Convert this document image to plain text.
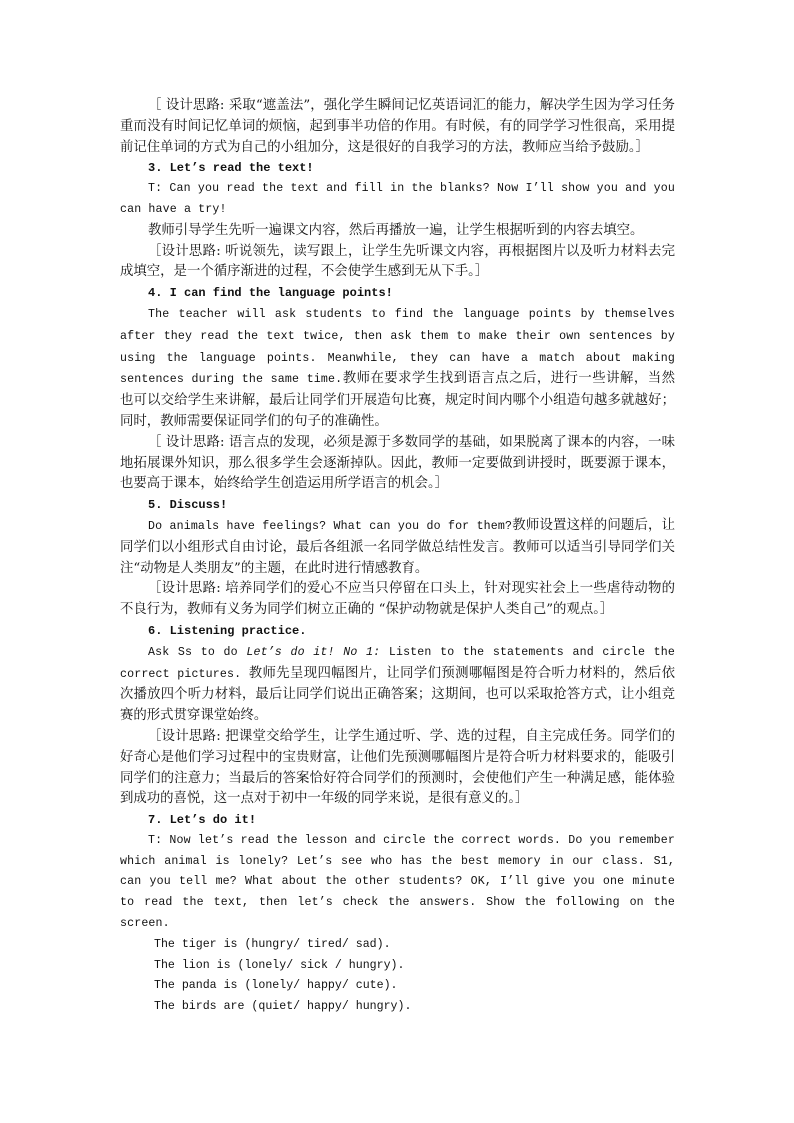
［ 设计思路: 采取“遮盖法”，强化学生瞬间记忆英语词汇的能力，解决学生因为学习任务重而没有时间记忆单词的烦恼，起到事半功倍的作用。有时候，有的同学学习性很高，采用提前记住单词的方式为自己的小组加分，这是很好的自我学习的方法，教师应当给予鼓励。］

3. Let’s read the text!

T: Can you read the text and fill in the blanks? Now I’ll show you and you can have a try!

教师引导学生先听一遍课文内容，然后再播放一遍，让学生根据听到的内容去填空。

［设计思路: 听说领先，读写跟上，让学生先听课文内容，再根据图片以及听力材料去完成填空，是一个循序渐进的过程，不会使学生感到无从下手。］

4. I can find the language points!

The teacher will ask students to find the language points by themselves after they read the text twice, then ask them to make their own sentences by using the language points. Meanwhile, they can have a match about making sentences during the same time.教师在要求学生找到语言点之后，进行一些讲解，当然也可以交给学生来讲解，最后让同学们开展造句比赛，规定时间内哪个小组造句越多就越好；同时，教师需要保证同学们的句子的准确性。

［ 设计思路: 语言点的发现，必须是源于多数同学的基础，如果脱离了课本的内容，一味地拓展课外知识，那么很多学生会逐渐掉队。因此，教师一定要做到讲授时，既要源于课本，也要高于课本，始终给学生创造运用所学语言的机会。］

5. Discuss!

Do animals have feelings? What can you do for them?教师设置这样的问题后，让同学们以小组形式自由讨论，最后各组派一名同学做总结性发言。教师可以适当引导同学们关注“动物是人类朋友”的主题，在此时进行情感教育。

［设计思路: 培养同学们的爱心不应当只停留在口头上，针对现实社会上一些虐待动物的不良行为，教师有义务为同学们树立正确的 “保护动物就是保护人类自己”的观点。］

6. Listening practice.

Ask Ss to do Let’s do it! No 1: Listen to the statements and circle the correct pictures. 教师先呈现四幅图片，让同学们预测哪幅图是符合听力材料的，然后依次播放四个听力材料，最后让同学们说出正确答案；这期间，也可以采取抢答方式，让小组竞赛的形式贯穿课堂始终。

［设计思路: 把课堂交给学生，让学生通过听、学、选的过程，自主完成任务。同学们的好奇心是他们学习过程中的宝贵财富，让他们先预测哪幅图片是符合听力材料要求的，能吸引同学们的注意力；当最后的答案恰好符合同学们的预测时，会使他们产生一种满足感，能体验到成功的喜悦，这一点对于初中一年级的同学来说，是很有意义的。］

7. Let’s do it!

T: Now let’s read the lesson and circle the correct words. Do you remember which animal is lonely? Let’s see who has the best memory in our class. S1, can you tell me? What about the other students? OK, I’ll give you one minute to read the text, then let’s check the answers. Show the following on the screen.

The tiger is (hungry/ tired/ sad).
The lion is (lonely/ sick / hungry).
The panda is (lonely/ happy/ cute).
The birds are (quiet/ happy/ hungry).
